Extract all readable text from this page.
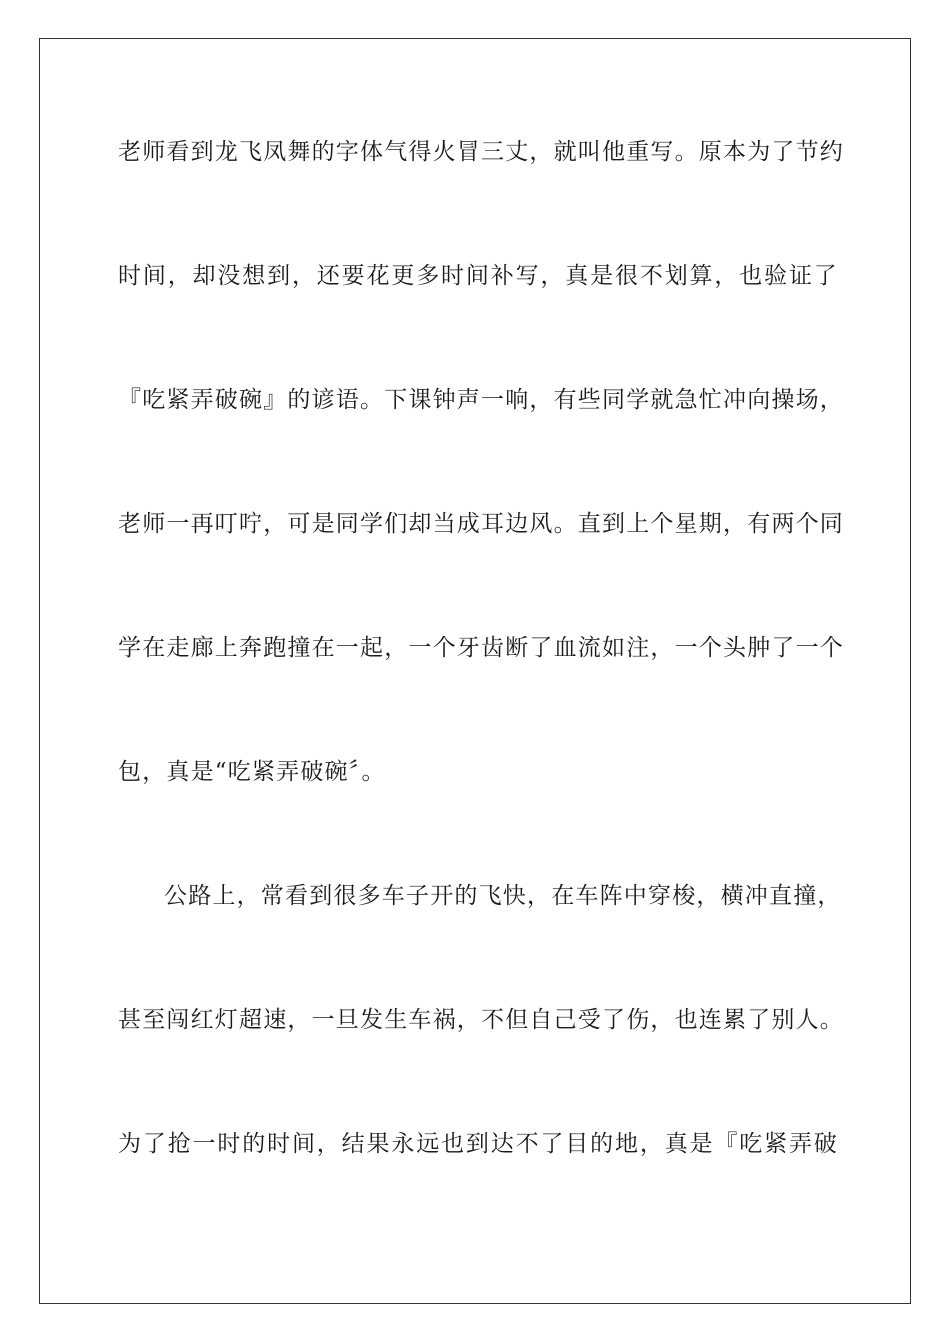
老师看到龙飞凤舞的字体气得火冒三丈，就叫他重写。原本为了节约
时间，却没想到，还要花更多时间补写，真是很不划算，也验证了
『吃紧弄破碗』的谚语。下课钟声一响，有些同学就急忙冲向操场，
老师一再叮咛，可是同学们却当成耳边风。直到上个星期，有两个同
学在走廊上奔跑撞在一起，一个牙齿断了血流如注，一个头肿了一个
包，真是“吃紧弄破碗〞。
公路上，常看到很多车子开的飞快，在车阵中穿梭，横冲直撞，
甚至闯红灯超速，一旦发生车祸，不但自己受了伤，也连累了别人。
为了抢一时的时间，结果永远也到达不了目的地，真是『吃紧弄破
